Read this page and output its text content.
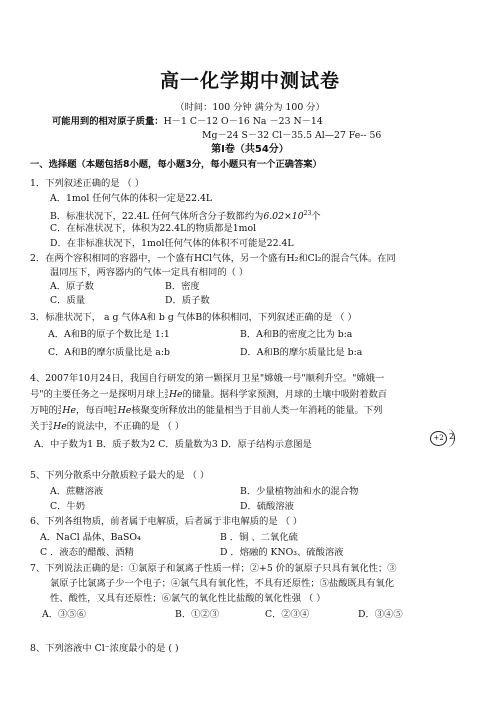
高一化学期中测试卷
（时间：100 分钟 满分为 100 分）
可能用到的相对原子质量：H－1 C－12 O－16 Na －23 N－14
Mg－24 S－32 Cl－35.5 Al—27 Fe-- 56
第Ⅰ卷（共54分）
一、选择题（本题包括8小题，每小题3分，每小题只有一个正确答案）
1．下列叙述正确的是 （ ）
A．1mol 任何气体的体积一定是22.4L
B．标准状况下，22.4L 任何气体所含分子数都约为$6.02\times 10^{23}$个
C．在标准状况下，体积为22.4L的物质都是1mol
D．在非标准状况下，1mol任何气体的体积不可能是22.4L
2．在两个容积相同的容器中，一个盛有HCl气体，另一个盛有H₂和Cl₂的混合气体。在同
温同压下，两容器内的气体一定具有相同的（ ）
A．原子数	B．密度
C．质量	D．质子数
3．标准状况下， a g 气体A和 b g 气体B的体积相同，下列叙述正确的是 （ ）
A．A和B的原子个数比是 1:1	B．A和B的密度之比为 b:a
C．A和B的摩尔质量比是 a:b	D．A和B的摩尔质量比是 b:a
4、2007年10月24日，我国自行研发的第一颗探月卫星"嫦娥一号"顺利升空。"嫦娥一
号"的主要任务之一是探明月球上3
2He的储量。据科学家预测，月球的土壤中吸附着数百
万吨的3
2He，每百吨3
2He核聚变所释放出的能量相当于目前人类一年消耗的能量。下列
关于3
2He的说法中，不正确的是 （ ）
A．中子数为1 B．质子数为2 C．质量数为3 D．原子结构示意图是
+2 2
5、下列分散系中分散质粒子最大的是 （ ）
A．蔗糖溶液	B．少量植物油和水的混合物
C．牛奶	D．硫酸溶液
6、下列各组物质，前者属于电解质，后者属于非电解质的是 （ ）
A．NaCl 晶体、BaSO₄	B ．铜 、二氧化硫
C ．液态的醋酸、酒精	D ．熔融的 KNO₃、硫酸溶液
7、下列说法正确的是：①氯原子和氯离子性质一样；②+5 价的氯原子只具有氧化性；③
氯原子比氯离子少一个电子；④氯气具有氧化性，不具有还原性；⑤盐酸既具有氧化
性、酸性，又具有还原性；⑥氯气的氧化性比盐酸的氧化性强 （ ）
A．③⑤⑥	B．①②③	C．②③④	D．③④⑤
8、下列溶液中 Cl⁻浓度最小的是 ( )
